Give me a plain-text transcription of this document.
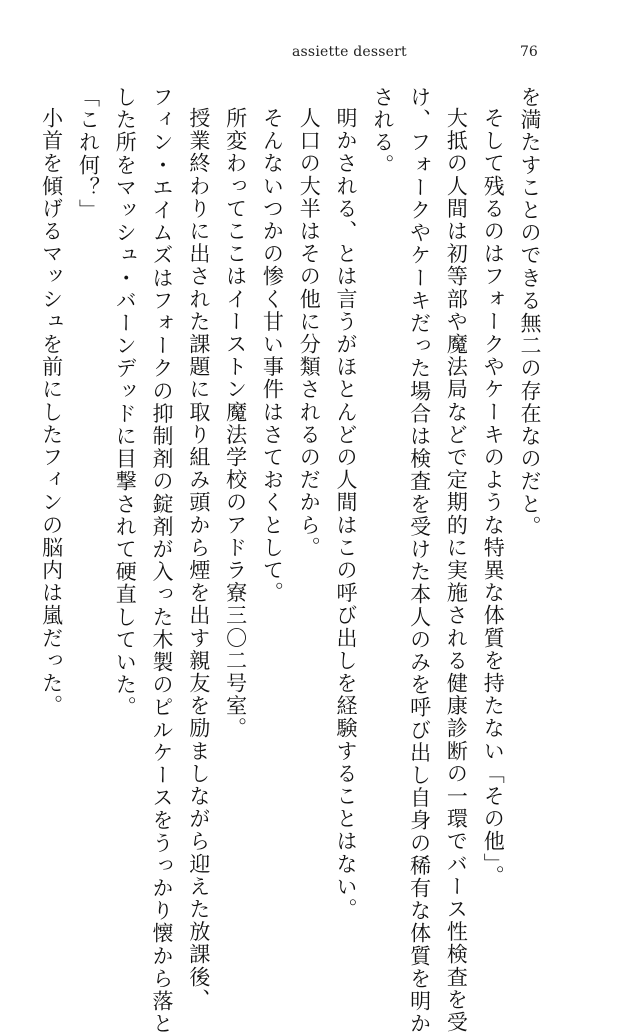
assiette dessert	76
を満たすことのできる無二の存在なのだと。
そして残るのはフォークやケーキのような特異な体質を持たない「その他」。
大抵の人間は初等部や魔法局などで定期的に実施される健康診断の一環でバース性検査を受
け、フォークやケーキだった場合は検査を受けた本人のみを呼び出し自身の稀有な体質を明か
される。
明かされる、とは言うがほとんどの人間はこの呼び出しを経験することはない。
人口の大半はその他に分類されるのだから。
そんないつかの惨く甘い事件はさておくとして。
所変わってここはイーストン魔法学校のアドラ寮三〇二号室。
授業終わりに出された課題に取り組み頭から煙を出す親友を励ましながら迎えた放課後、
フィン・エイムズはフォークの抑制剤の錠剤が入った木製のピルケースをうっかり懐から落と
した所をマッシュ・バーンデッドに目撃されて硬直していた。
「これ何？」
小首を傾げるマッシュを前にしたフィンの脳内は嵐だった。
